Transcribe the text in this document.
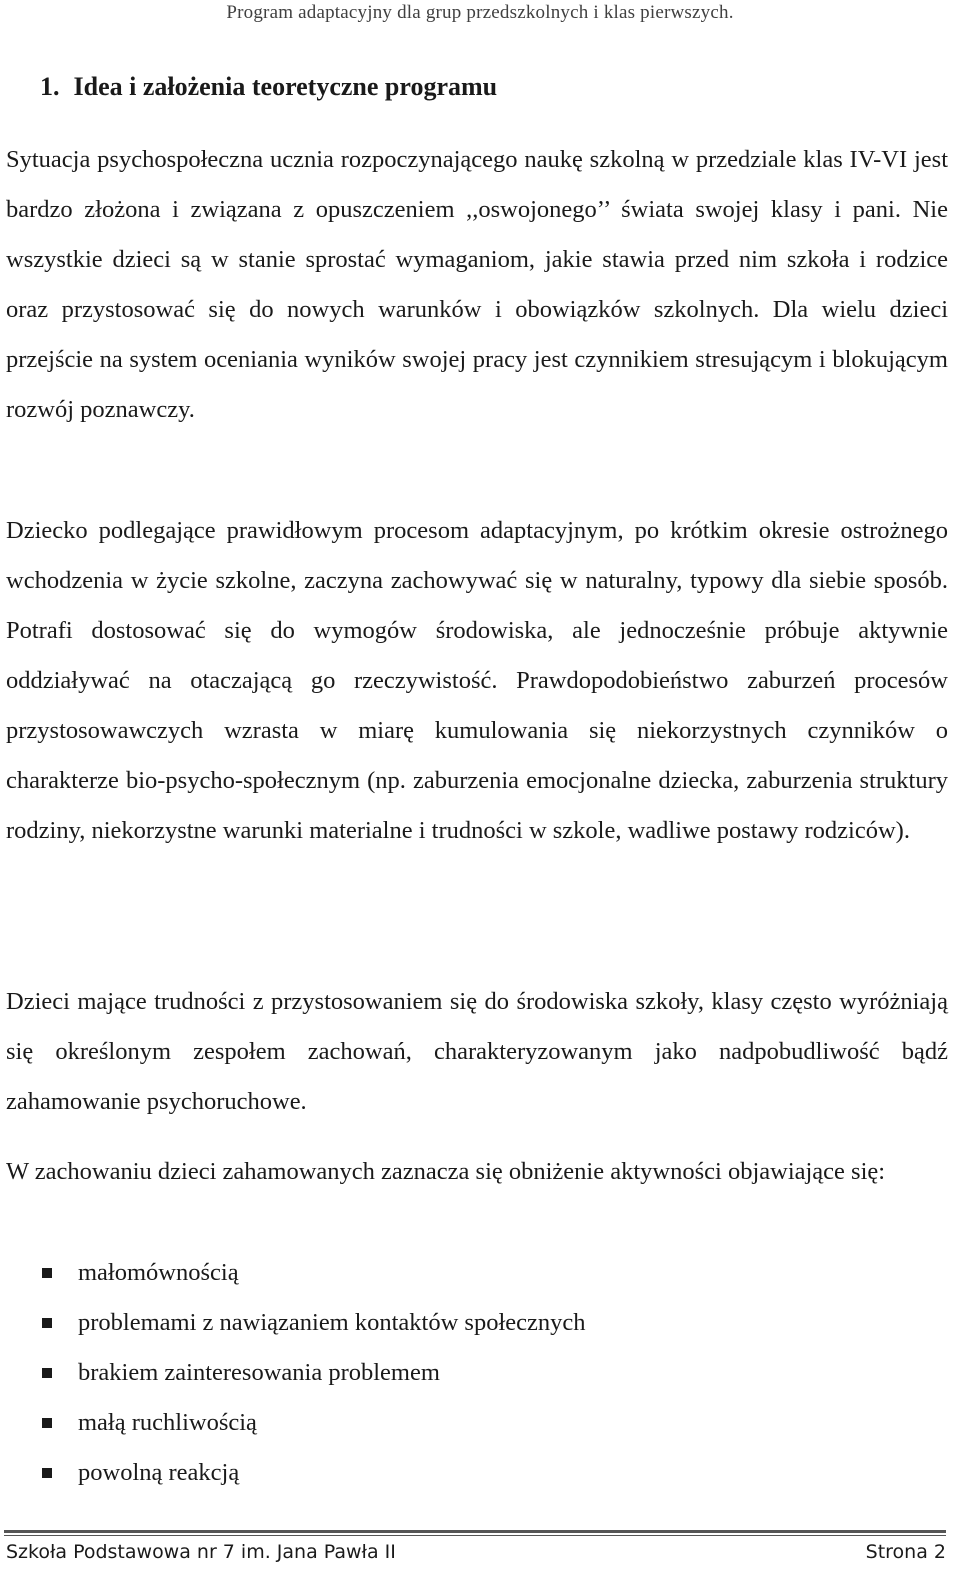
Program adaptacyjny dla grup przedszkolnych i klas pierwszych.
1. Idea i założenia teoretyczne programu

Sytuacja psychospołeczna ucznia rozpoczynającego naukę szkolną w przedziale klas IV-VI jest bardzo złożona i związana z opuszczeniem ,,oswojonego’’ świata swojej klasy i pani. Nie wszystkie dzieci są w stanie sprostać wymaganiom, jakie stawia przed nim szkoła i rodzice oraz przystosować się do nowych warunków i obowiązków szkolnych. Dla wielu dzieci przejście na system oceniania wyników swojej pracy jest czynnikiem stresującym i blokującym rozwój poznawczy.

Dziecko podlegające prawidłowym procesom adaptacyjnym, po krótkim okresie ostrożnego wchodzenia w życie szkolne, zaczyna zachowywać się w naturalny, typowy dla siebie sposób. Potrafi dostosować się do wymogów środowiska, ale jednocześnie próbuje aktywnie oddziaływać na otaczającą go rzeczywistość. Prawdopodobieństwo zaburzeń procesów przystosowawczych wzrasta w miarę kumulowania się niekorzystnych czynników o charakterze bio-psycho-społecznym (np. zaburzenia emocjonalne dziecka, zaburzenia struktury rodziny, niekorzystne warunki materialne i trudności w szkole, wadliwe postawy rodziców).

Dzieci mające trudności z przystosowaniem się do środowiska szkoły, klasy często wyróżniają się określonym zespołem zachowań, charakteryzowanym jako nadpobudliwość bądź zahamowanie psychoruchowe.

W zachowaniu dzieci zahamowanych zaznacza się obniżenie aktywności objawiające się:

małomównością
problemami z nawiązaniem kontaktów społecznych
brakiem zainteresowania problemem
małą ruchliwością
powolną reakcją
Szkoła Podstawowa nr 7 im. Jana Pawła II	Strona 2
